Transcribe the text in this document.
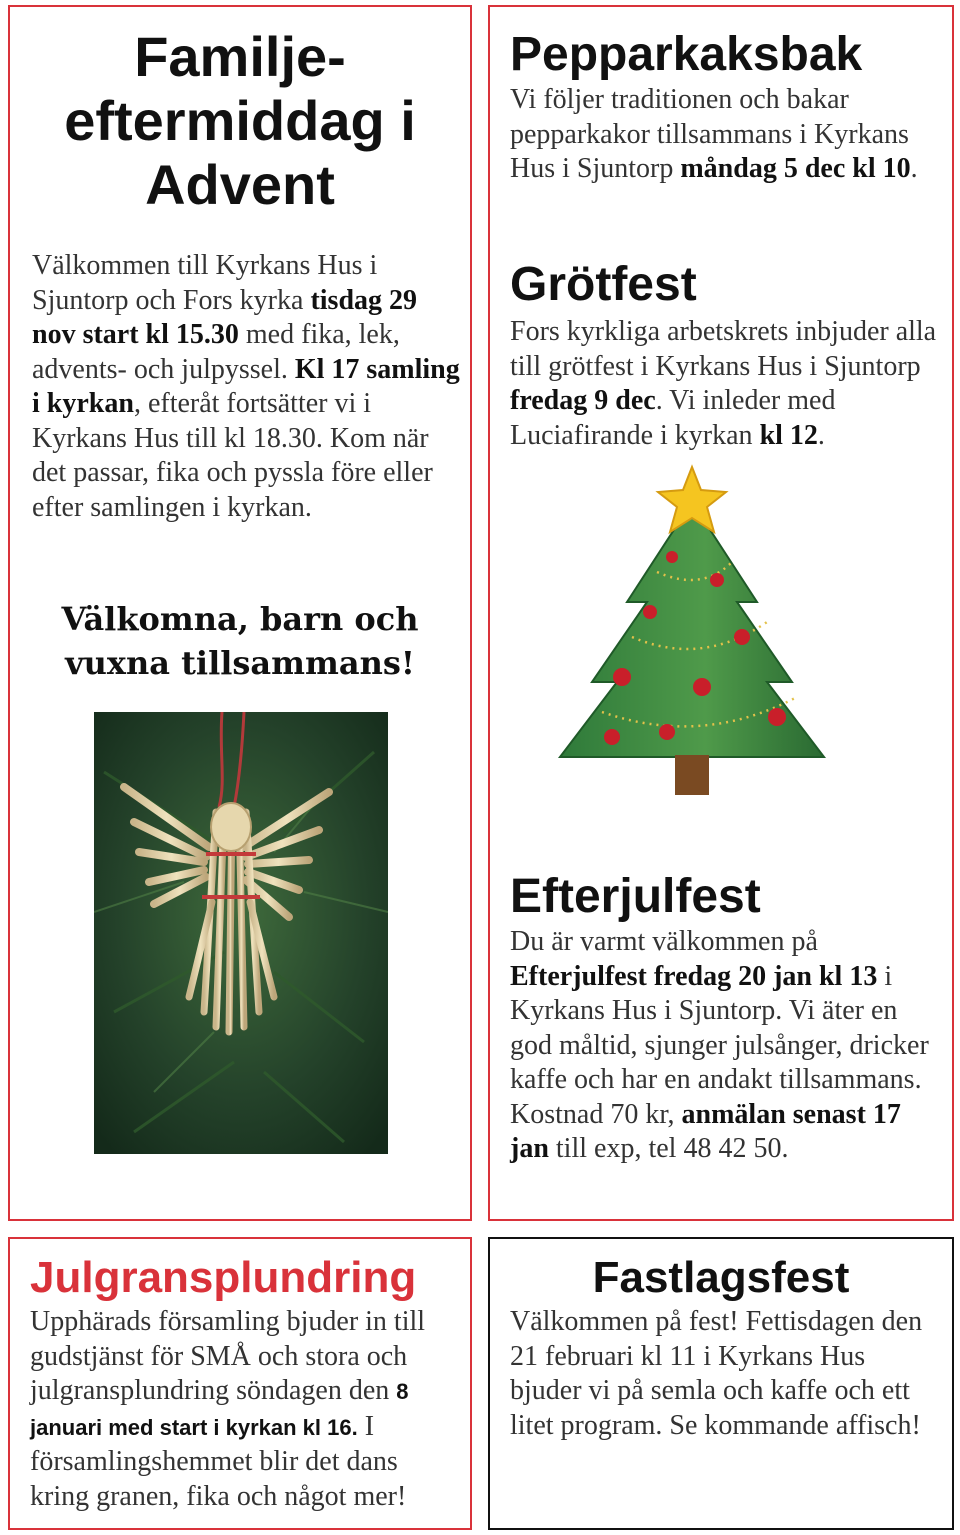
Familje-
eftermiddag i
Advent

Välkommen till Kyrkans Hus i Sjuntorp och Fors kyrka tisdag 29 nov start kl 15.30 med fika, lek, advents- och julpyssel. Kl 17 samling i kyrkan, efteråt fortsätter vi i Kyrkans Hus till kl 18.30. Kom när det passar, fika och pyssla före eller efter samlingen i kyrkan.

Välkomna, barn och
vuxna tillsammans!
Pepparkaksbak

Vi följer traditionen och bakar pepparkakor tillsammans i Kyrkans Hus i Sjuntorp måndag 5 dec kl 10.

Grötfest

Fors kyrkliga arbetskrets inbjuder alla till grötfest i Kyrkans Hus i Sjuntorp fredag 9 dec. Vi inleder med Luciafirande i kyrkan kl 12.

Efterjulfest

Du är varmt välkommen på Efterjulfest fredag 20 jan kl 13 i Kyrkans Hus i Sjuntorp. Vi äter en god måltid, sjunger julsånger, dricker kaffe och har en andakt tillsammans. Kostnad 70 kr, anmälan senast 17 jan till exp, tel 48 42 50.

Julgransplundring

Upphärads församling bjuder in till gudstjänst för SMÅ och stora och julgransplundring söndagen den 8 januari med start i kyrkan kl 16. I församlingshemmet blir det dans kring granen, fika och något mer!

Fastlagsfest

Välkommen på fest! Fettisdagen den 21 februari kl 11 i Kyrkans Hus bjuder vi på semla och kaffe och ett litet program. Se kommande affisch!
